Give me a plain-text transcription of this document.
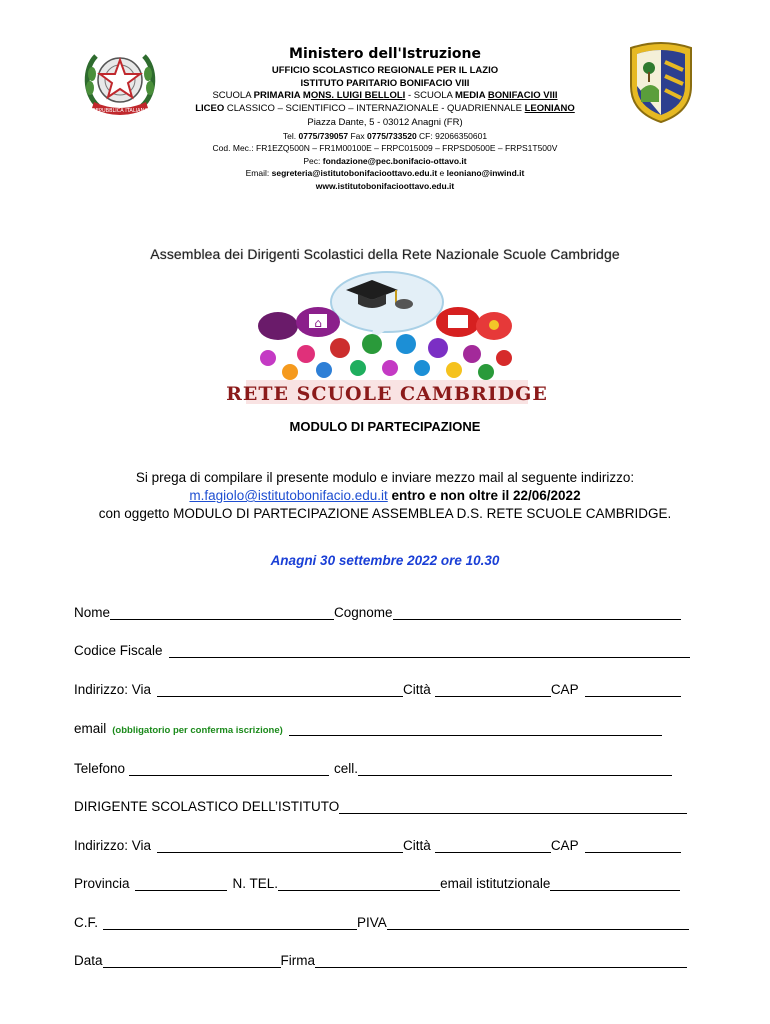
REPUBBLICA ITALIANA
Ministero dell'Istruzione
UFFICIO SCOLASTICO REGIONALE PER IL LAZIO
ISTITUTO PARITARIO BONIFACIO VIII
SCUOLA PRIMARIA MONS. LUIGI BELLOLI - SCUOLA MEDIA BONIFACIO VIII
LICEO CLASSICO – SCIENTIFICO – INTERNAZIONALE - QUADRIENNALE LEONIANO
Piazza Dante, 5 - 03012 Anagni (FR)
Tel. 0775/739057 Fax 0775/733520 CF: 92066350601
Cod. Mec.: FR1EZQ500N – FR1M00100E – FRPC015009 – FRPSD0500E – FRPS1T500V
Pec: fondazione@pec.bonifacio-ottavo.it
Email: segreteria@istitutobonifacioottavo.edu.it e leoniano@inwind.it
www.istitutobonifacioottavo.edu.it
Assemblea dei Dirigenti Scolastici della Rete Nazionale Scuole Cambridge
⌂
RETE SCUOLE CAMBRIDGE
MODULO DI PARTECIPAZIONE
Si prega di compilare il presente modulo e inviare mezzo mail al seguente indirizzo:
m.fagiolo@istitutobonifacio.edu.it entro e non oltre il 22/06/2022
con oggetto MODULO DI PARTECIPAZIONE ASSEMBLEA D.S. RETE SCUOLE CAMBRIDGE.
Anagni 30 settembre 2022 ore 10.30
Nome	Cognome
Codice Fiscale
Indirizzo: Via	Città	CAP
email (obbligatorio per conferma iscrizione)
Telefono	cell.
DIRIGENTE SCOLASTICO DELL’ISTITUTO
Indirizzo: Via	Città	CAP
Provincia	N. TEL.	email istitutzionale
C.F.	PIVA
Data	Firma
